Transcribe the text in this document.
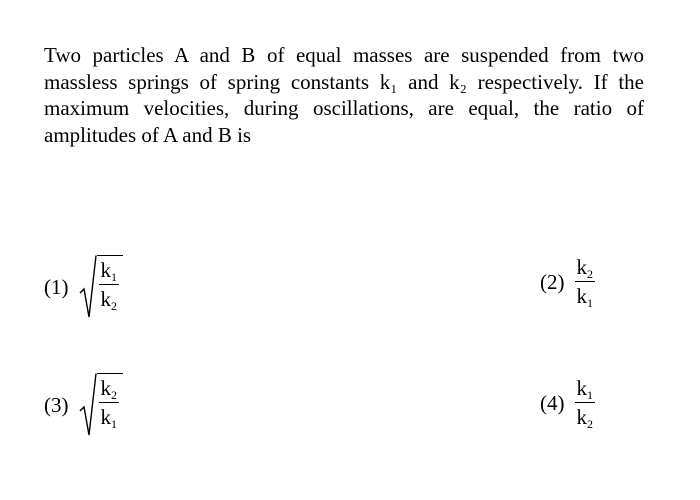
Two particles A and B of equal masses are suspended from two massless springs of spring constants k₁ and k₂ respectively. If the maximum velocities, during oscillations, are equal, the ratio of amplitudes of A and B is
$(1) \frac{k_1}{k_2}$	$(2) \frac{k_2}{k_1}$
$(3) \frac{k_2}{k_1}$	$(4) \frac{k_1}{k_2}$
